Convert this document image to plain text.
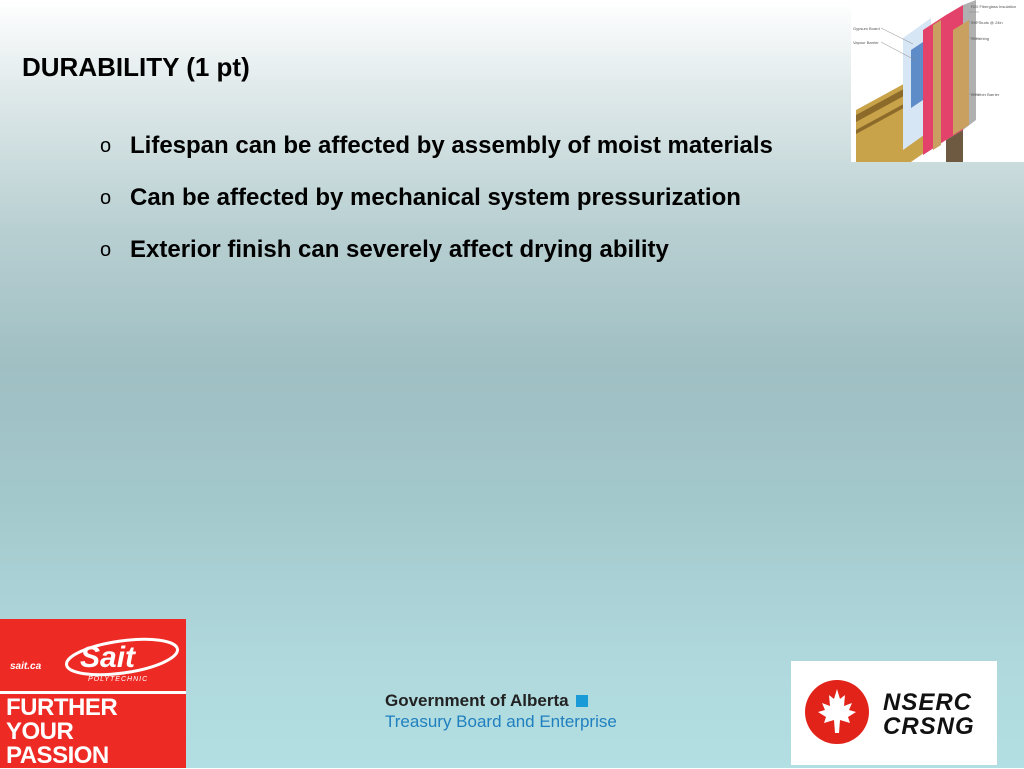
DURABILITY (1 pt)
o Lifespan can be affected by assembly of moist materials
o Can be affected by mechanical system pressurization
o Exterior finish can severely affect drying ability
Gypsum Board
Vapour Barrier
R20 Fiberglass Insulation
2x6 Studs @ 24in
Sheathing
Weather Barrier
sait.ca Sait
POLYTECHNIC
FURTHER
YOUR
PASSION
Government of Alberta
Treasury Board and Enterprise
NSERC
CRSNG
